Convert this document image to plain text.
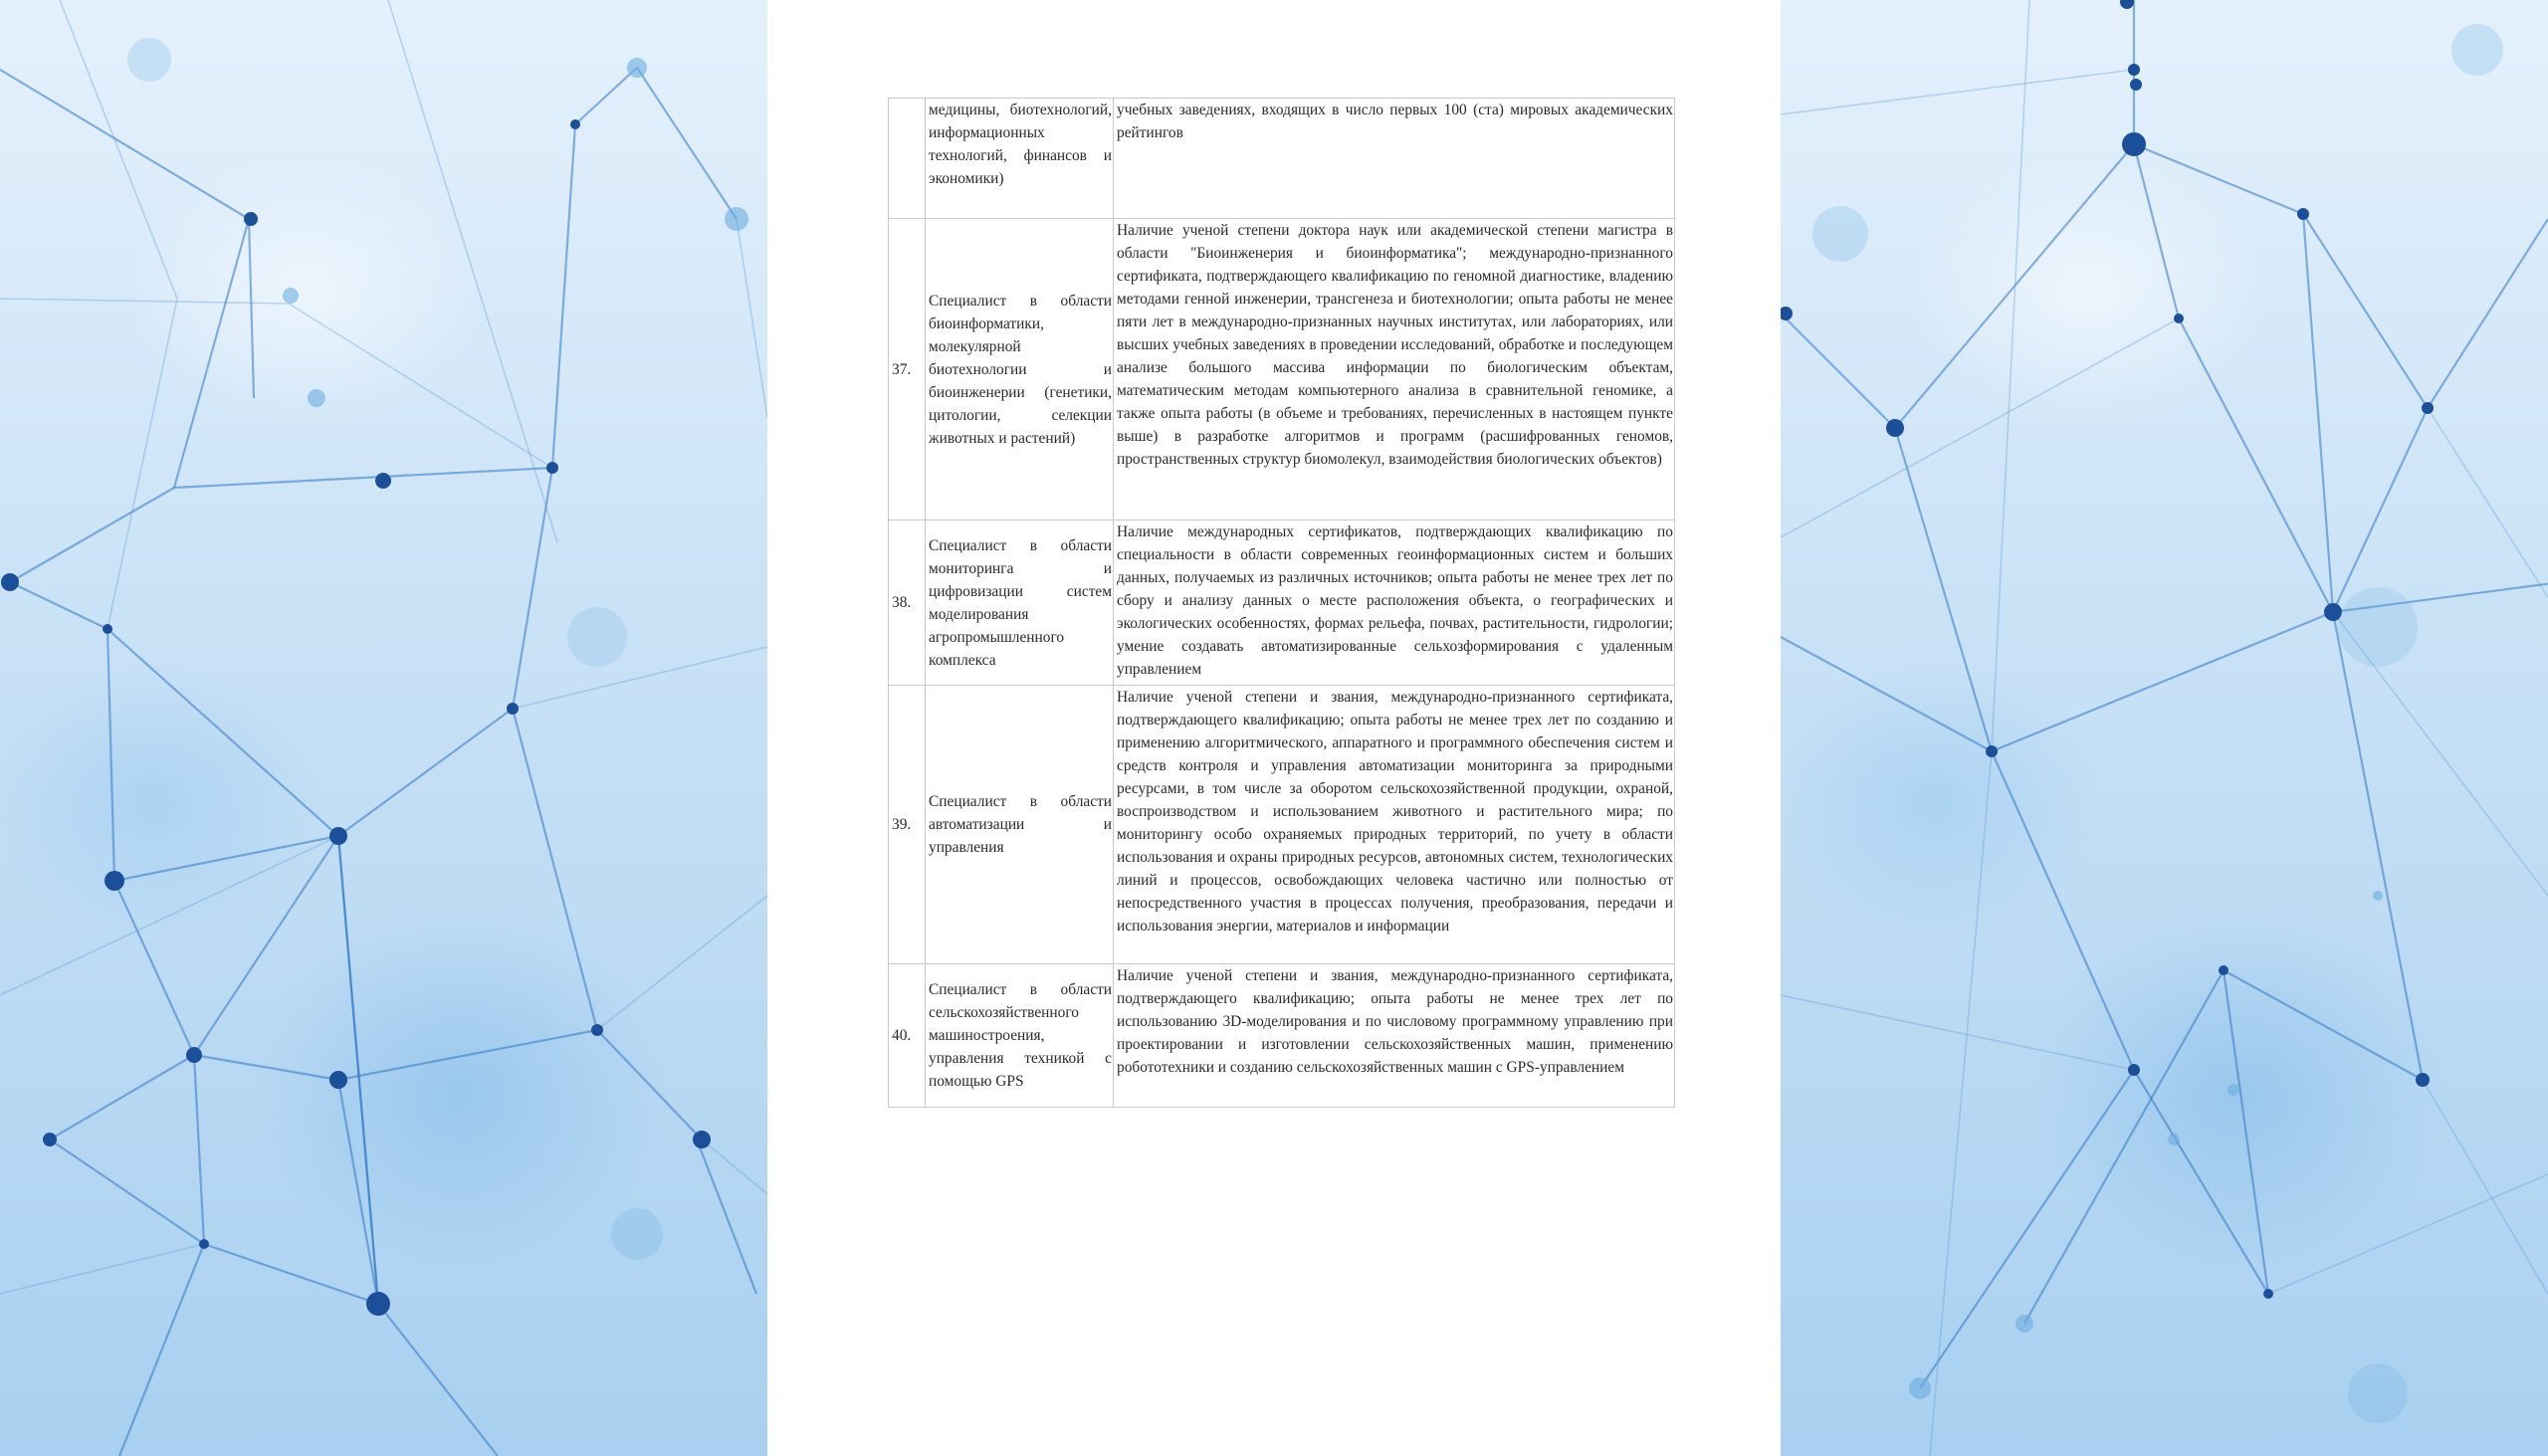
	медицины, биотехнологий, информационных технологий, финансов и экономики)	учебных заведениях, входящих в число первых 100 (ста) мировых академических рейтингов
37.	Специалист в области биоинформатики, молекулярной биотехнологии и биоинженерии (генетики, цитологии, селекции животных и растений)	Наличие ученой степени доктора наук или академической степени магистра в области "Биоинженерия и биоинформатика"; международно-признанного сертификата, подтверждающего квалификацию по геномной диагностике, владению методами генной инженерии, трансгенеза и биотехнологии; опыта работы не менее пяти лет в международно-признанных научных институтах, или лабораториях, или высших учебных заведениях в проведении исследований, обработке и последующем анализе большого массива информации по биологическим объектам, математическим методам компьютерного анализа в сравнительной геномике, а также опыта работы (в объеме и требованиях, перечисленных в настоящем пункте выше) в разработке алгоритмов и программ (расшифрованных геномов, пространственных структур биомолекул, взаимодействия биологических объектов)
38.	Специалист в области мониторинга и цифровизации систем моделирования агропромышленного комплекса	Наличие международных сертификатов, подтверждающих квалификацию по специальности в области современных геоинформационных систем и больших данных, получаемых из различных источников; опыта работы не менее трех лет по сбору и анализу данных о месте расположения объекта, о географических и экологических особенностях, формах рельефа, почвах, растительности, гидрологии; умение создавать автоматизированные сельхозформирования с удаленным управлением
39.	Специалист в области автоматизации и управления	Наличие ученой степени и звания, международно-признанного сертификата, подтверждающего квалификацию; опыта работы не менее трех лет по созданию и применению алгоритмического, аппаратного и программного обеспечения систем и средств контроля и управления автоматизации мониторинга за природными ресурсами, в том числе за оборотом сельскохозяйственной продукции, охраной, воспроизводством и использованием животного и растительного мира; по мониторингу особо охраняемых природных территорий, по учету в области использования и охраны природных ресурсов, автономных систем, технологических линий и процессов, освобождающих человека частично или полностью от непосредственного участия в процессах получения, преобразования, передачи и использования энергии, материалов и информации
40.	Специалист в области сельскохозяйственного машиностроения, управления техникой с помощью GPS	Наличие ученой степени и звания, международно-признанного сертификата, подтверждающего квалификацию; опыта работы не менее трех лет по использованию 3D-моделирования и по числовому программному управлению при проектировании и изготовлении сельскохозяйственных машин, применению робототехники и созданию сельскохозяйственных машин с GPS-управлением
